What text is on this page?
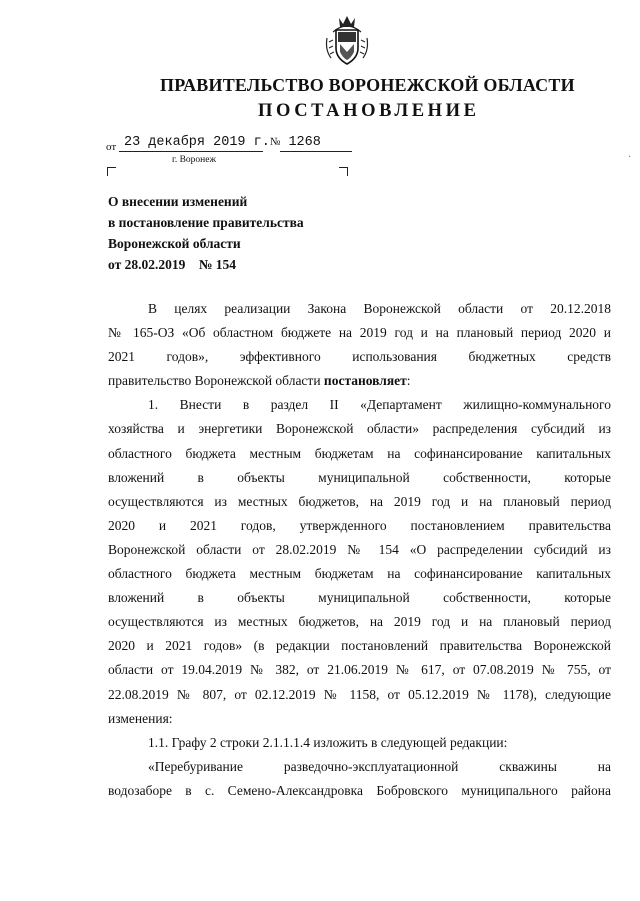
ПРАВИТЕЛЬСТВО ВОРОНЕЖСКОЙ ОБЛАСТИ
ПОСТАНОВЛЕНИЕ
от 23 декабря 2019 г.№ 1268
г. Воронеж
О внесении изменений
в постановление правительства
Воронежской области
от 28.02.2019    № 154
В целях реализации Закона Воронежской области от 20.12.2018
№ 165-ОЗ «Об областном бюджете на 2019 год и на плановый период 2020 и
2021 годов», эффективного использования бюджетных средств
правительство Воронежской области постановляет:
1. Внести в раздел II «Департамент жилищно-коммунального
хозяйства и энергетики Воронежской области» распределения субсидий из
областного бюджета местным бюджетам на софинансирование капитальных
вложений в объекты муниципальной собственности, которые
осуществляются из местных бюджетов, на 2019 год и на плановый период
2020 и 2021 годов, утвержденного постановлением правительства
Воронежской области от 28.02.2019 № 154 «О распределении субсидий из
областного бюджета местным бюджетам на софинансирование капитальных
вложений в объекты муниципальной собственности, которые
осуществляются из местных бюджетов, на 2019 год и на плановый период
2020 и 2021 годов» (в редакции постановлений правительства Воронежской
области от 19.04.2019 № 382, от 21.06.2019 № 617, от 07.08.2019 № 755, от
22.08.2019 № 807, от 02.12.2019 № 1158, от 05.12.2019 № 1178), следующие
изменения:
1.1. Графу 2 строки 2.1.1.1.4 изложить в следующей редакции:
«Перебуривание разведочно-эксплуатационной скважины на
водозаборе в с. Семено-Александровка Бобровского муниципального района
·
